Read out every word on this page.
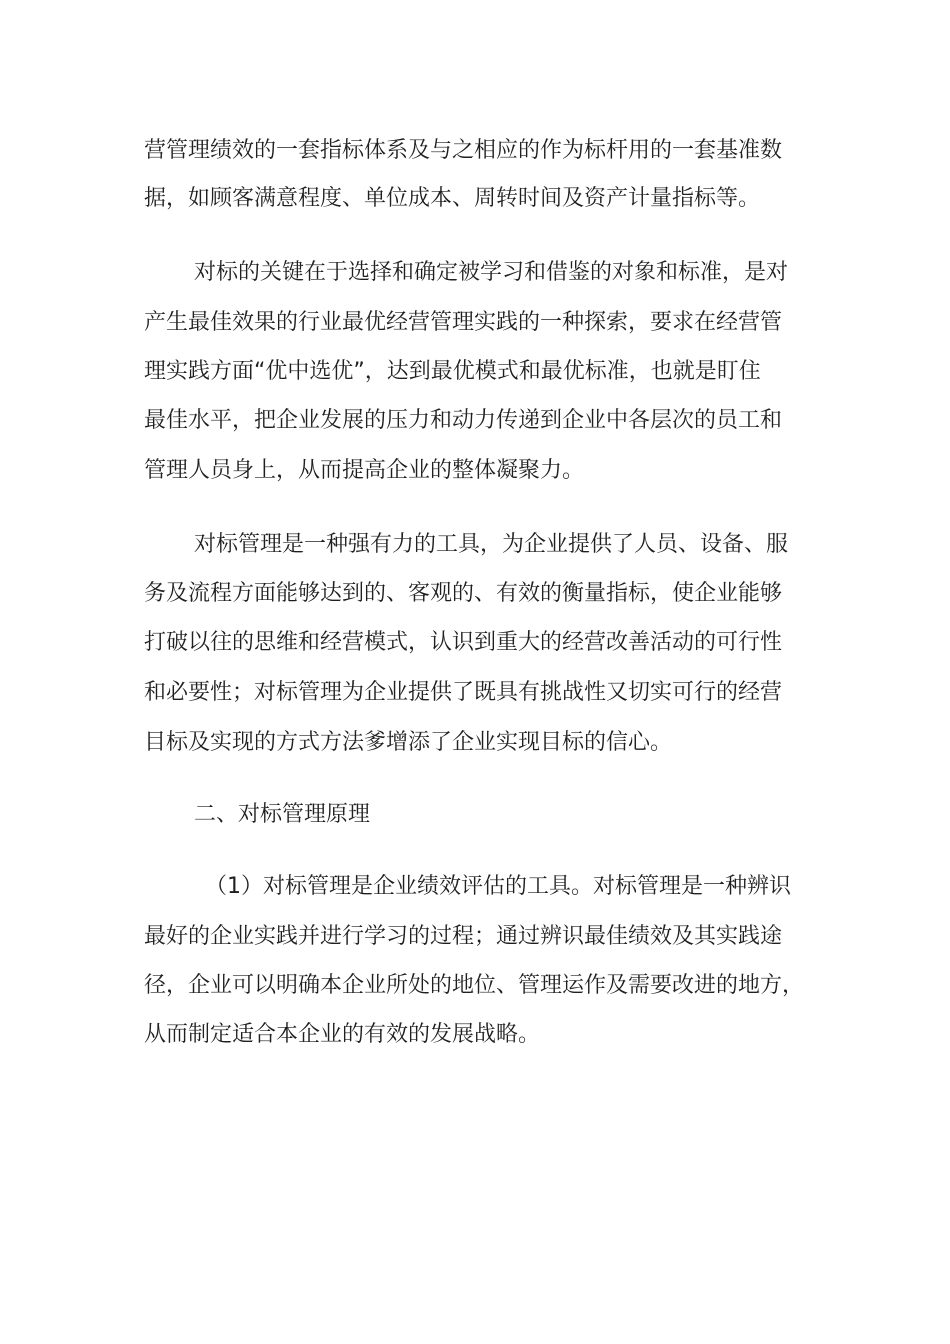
营管理绩效的一套指标体系及与之相应的作为标杆用的一套基准数
据，如顾客满意程度、单位成本、周转时间及资产计量指标等。
对标的关键在于选择和确定被学习和借鉴的对象和标准，是对
产生最佳效果的行业最优经营管理实践的一种探索，要求在经营管
理实践方面“优中选优”，达到最优模式和最优标准，也就是盯住
最佳水平，把企业发展的压力和动力传递到企业中各层次的员工和
管理人员身上，从而提高企业的整体凝聚力。
对标管理是一种强有力的工具，为企业提供了人员、设备、服
务及流程方面能够达到的、客观的、有效的衡量指标，使企业能够
打破以往的思维和经营模式，认识到重大的经营改善活动的可行性
和必要性；对标管理为企业提供了既具有挑战性又切实可行的经营
目标及实现的方式方法爹增添了企业实现目标的信心。
二、对标管理原理
（1）对标管理是企业绩效评估的工具。对标管理是一种辨识
最好的企业实践并进行学习的过程；通过辨识最佳绩效及其实践途
径，企业可以明确本企业所处的地位、管理运作及需要改进的地方，
从而制定适合本企业的有效的发展战略。
